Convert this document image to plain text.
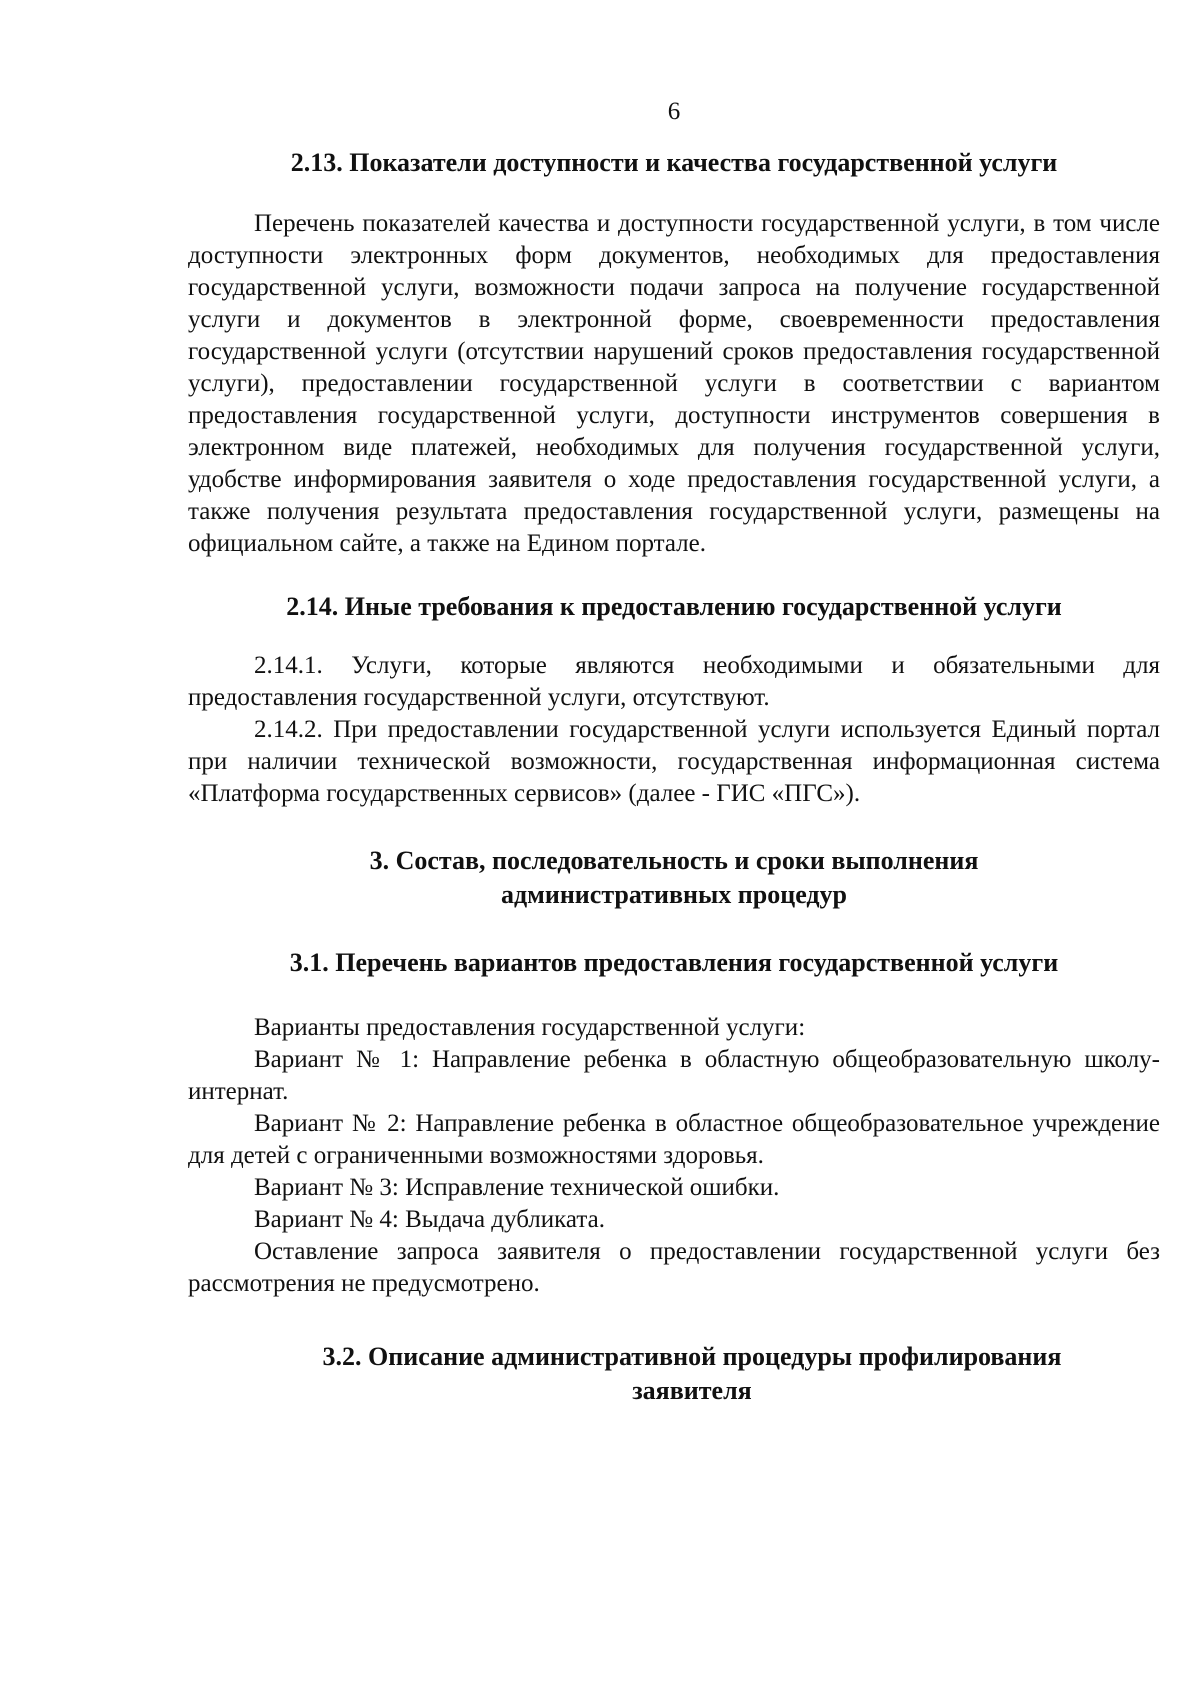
6
2.13. Показатели доступности и качества государственной услуги

Перечень показателей качества и доступности государственной услуги, в том числе доступности электронных форм документов, необходимых для предоставления государственной услуги, возможности подачи запроса на получение государственной услуги и документов в электронной форме, своевременности предоставления государственной услуги (отсутствии нарушений сроков предоставления государственной услуги), предоставлении государственной услуги в соответствии с вариантом предоставления государственной услуги, доступности инструментов совершения в электронном виде платежей, необходимых для получения государственной услуги, удобстве информирования заявителя о ходе предоставления государственной услуги, а также получения результата предоставления государственной услуги, размещены на официальном сайте, а также на Едином портале.

2.14. Иные требования к предоставлению государственной услуги

2.14.1. Услуги, которые являются необходимыми и обязательными для предоставления государственной услуги, отсутствуют.

2.14.2. При предоставлении государственной услуги используется Единый портал при наличии технической возможности, государственная информационная система «Платформа государственных сервисов» (далее - ГИС «ПГС»).

3. Состав, последовательность и сроки выполнения
административных процедур
3.1. Перечень вариантов предоставления государственной услуги

Варианты предоставления государственной услуги:

Вариант № 1: Направление ребенка в областную общеобразовательную школу-интернат.

Вариант № 2: Направление ребенка в областное общеобразовательное учреждение для детей с ограниченными возможностями здоровья.

Вариант № 3: Исправление технической ошибки.

Вариант № 4: Выдача дубликата.

Оставление запроса заявителя о предоставлении государственной услуги без рассмотрения не предусмотрено.

3.2. Описание административной процедуры профилирования
заявителя
